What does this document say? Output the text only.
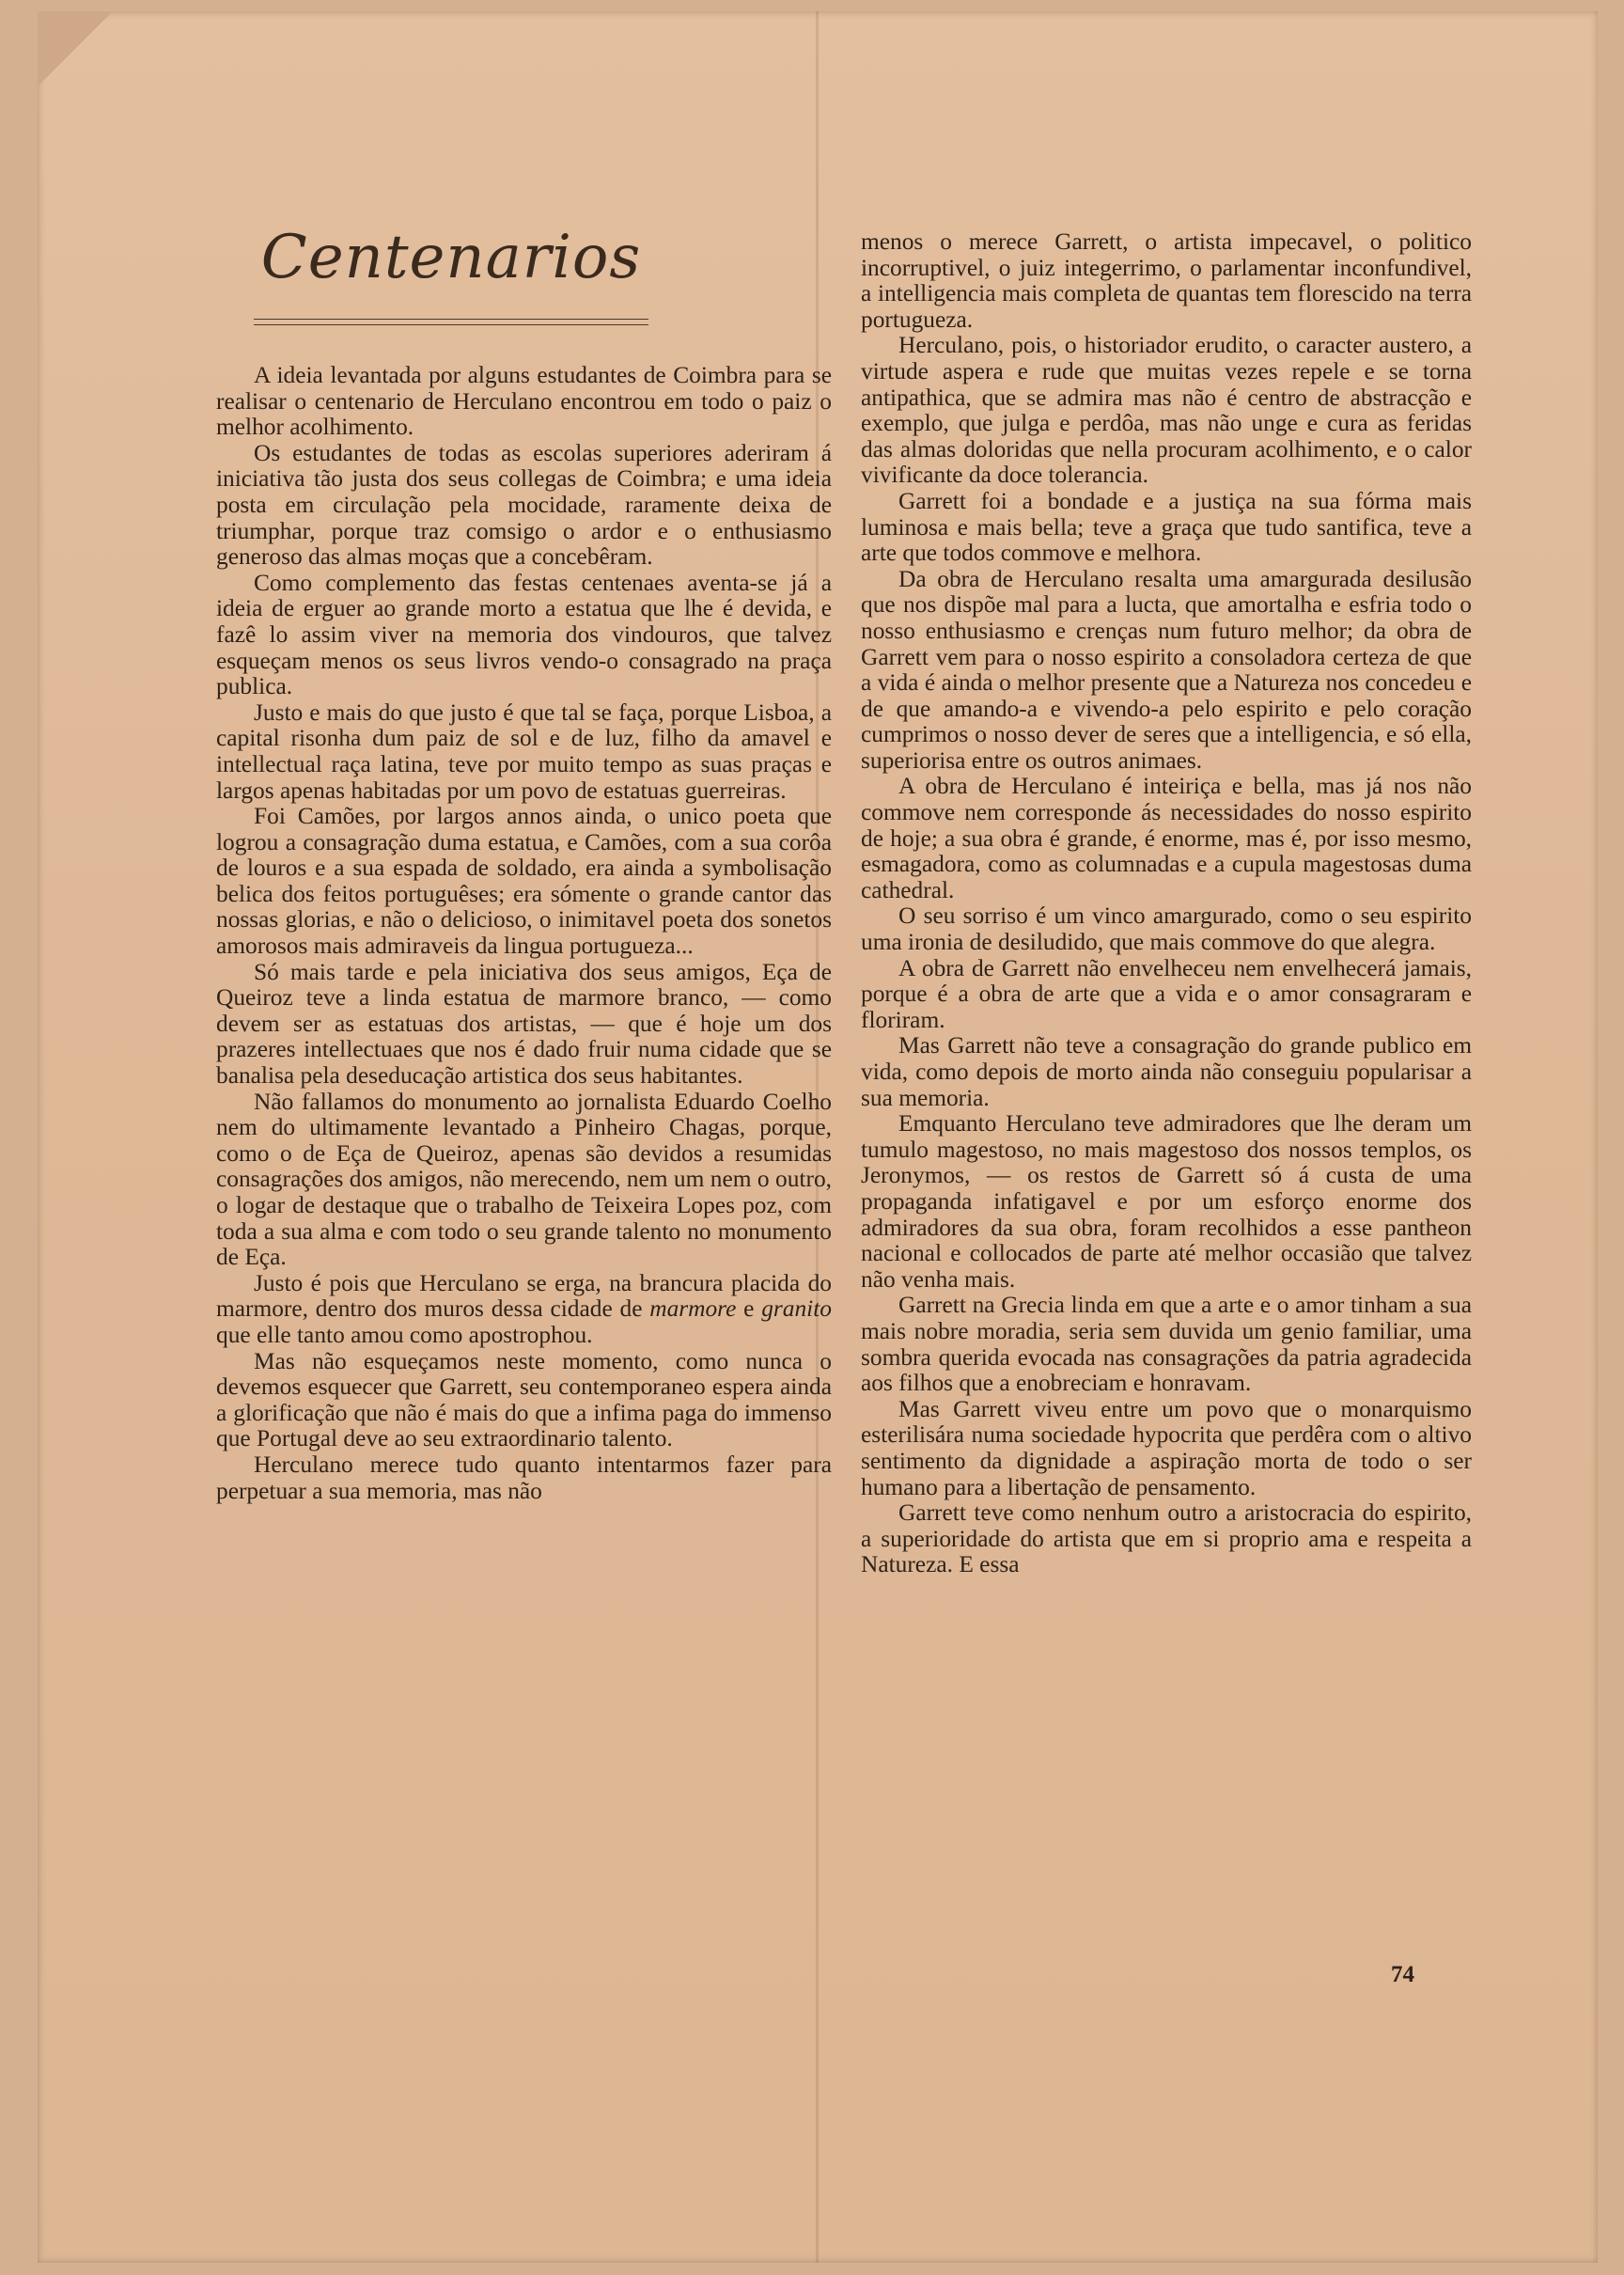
Centenarios

A ideia levantada por alguns estudantes de Coimbra para se realisar o centenario de Herculano encontrou em todo o paiz o melhor acolhimento.

Os estudantes de todas as escolas superiores aderiram á iniciativa tão justa dos seus collegas de Coimbra; e uma ideia posta em circulação pela mocidade, raramente deixa de triumphar, porque traz comsigo o ardor e o enthusiasmo generoso das almas moças que a concebêram.

Como complemento das festas centenaes aventa-se já a ideia de erguer ao grande morto a estatua que lhe é devida, e fazê lo assim viver na memoria dos vindouros, que talvez esqueçam menos os seus livros vendo-o consagrado na praça publica.

Justo e mais do que justo é que tal se faça, porque Lisboa, a capital risonha dum paiz de sol e de luz, filho da amavel e intellectual raça latina, teve por muito tempo as suas praças e largos apenas habitadas por um povo de estatuas guerreiras.

Foi Camões, por largos annos ainda, o unico poeta que logrou a consagração duma estatua, e Camões, com a sua corôa de louros e a sua espada de soldado, era ainda a symbolisação belica dos feitos portuguêses; era sómente o grande cantor das nossas glorias, e não o delicioso, o inimitavel poeta dos sonetos amorosos mais admiraveis da lingua portugueza...

Só mais tarde e pela iniciativa dos seus amigos, Eça de Queiroz teve a linda estatua de marmore branco, — como devem ser as estatuas dos artistas, — que é hoje um dos prazeres intellectuaes que nos é dado fruir numa cidade que se banalisa pela deseducação artistica dos seus habitantes.

Não fallamos do monumento ao jornalista Eduardo Coelho nem do ultimamente levantado a Pinheiro Chagas, porque, como o de Eça de Queiroz, apenas são devidos a resumidas consagrações dos amigos, não merecendo, nem um nem o outro, o logar de destaque que o trabalho de Teixeira Lopes poz, com toda a sua alma e com todo o seu grande talento no monumento de Eça.

Justo é pois que Herculano se erga, na brancura placida do marmore, dentro dos muros dessa cidade de marmore e granito que elle tanto amou como apostrophou.

Mas não esqueçamos neste momento, como nunca o devemos esquecer que Garrett, seu contemporaneo espera ainda a glorificação que não é mais do que a infima paga do immenso que Portugal deve ao seu extraordinario talento.

Herculano merece tudo quanto intentarmos fazer para perpetuar a sua memoria, mas não

menos o merece Garrett, o artista impecavel, o politico incorruptivel, o juiz integerrimo, o parlamentar inconfundivel, a intelligencia mais completa de quantas tem florescido na terra portugueza.

Herculano, pois, o historiador erudito, o caracter austero, a virtude aspera e rude que muitas vezes repele e se torna antipathica, que se admira mas não é centro de abstracção e exemplo, que julga e perdôa, mas não unge e cura as feridas das almas doloridas que nella procuram acolhimento, e o calor vivificante da doce tolerancia.

Garrett foi a bondade e a justiça na sua fórma mais luminosa e mais bella; teve a graça que tudo santifica, teve a arte que todos commove e melhora.

Da obra de Herculano resalta uma amargurada desilusão que nos dispõe mal para a lucta, que amortalha e esfria todo o nosso enthusiasmo e crenças num futuro melhor; da obra de Garrett vem para o nosso espirito a consoladora certeza de que a vida é ainda o melhor presente que a Natureza nos concedeu e de que amando-a e vivendo-a pelo espirito e pelo coração cumprimos o nosso dever de seres que a intelligencia, e só ella, superiorisa entre os outros animaes.

A obra de Herculano é inteiriça e bella, mas já nos não commove nem corresponde ás necessidades do nosso espirito de hoje; a sua obra é grande, é enorme, mas é, por isso mesmo, esmagadora, como as columnadas e a cupula magestosas duma cathedral.

O seu sorriso é um vinco amargurado, como o seu espirito uma ironia de desiludido, que mais commove do que alegra.

A obra de Garrett não envelheceu nem envelhecerá jamais, porque é a obra de arte que a vida e o amor consagraram e floriram.

Mas Garrett não teve a consagração do grande publico em vida, como depois de morto ainda não conseguiu popularisar a sua memoria.

Emquanto Herculano teve admiradores que lhe deram um tumulo magestoso, no mais magestoso dos nossos templos, os Jeronymos, — os restos de Garrett só á custa de uma propaganda infatigavel e por um esforço enorme dos admiradores da sua obra, foram recolhidos a esse pantheon nacional e collocados de parte até melhor occasião que talvez não venha mais.

Garrett na Grecia linda em que a arte e o amor tinham a sua mais nobre moradia, seria sem duvida um genio familiar, uma sombra querida evocada nas consagrações da patria agradecida aos filhos que a enobreciam e honravam.

Mas Garrett viveu entre um povo que o monarquismo esterilisára numa sociedade hypocrita que perdêra com o altivo sentimento da dignidade a aspiração morta de todo o ser humano para a libertação de pensamento.

Garrett teve como nenhum outro a aristocracia do espirito, a superioridade do artista que em si proprio ama e respeita a Natureza. E essa

74
